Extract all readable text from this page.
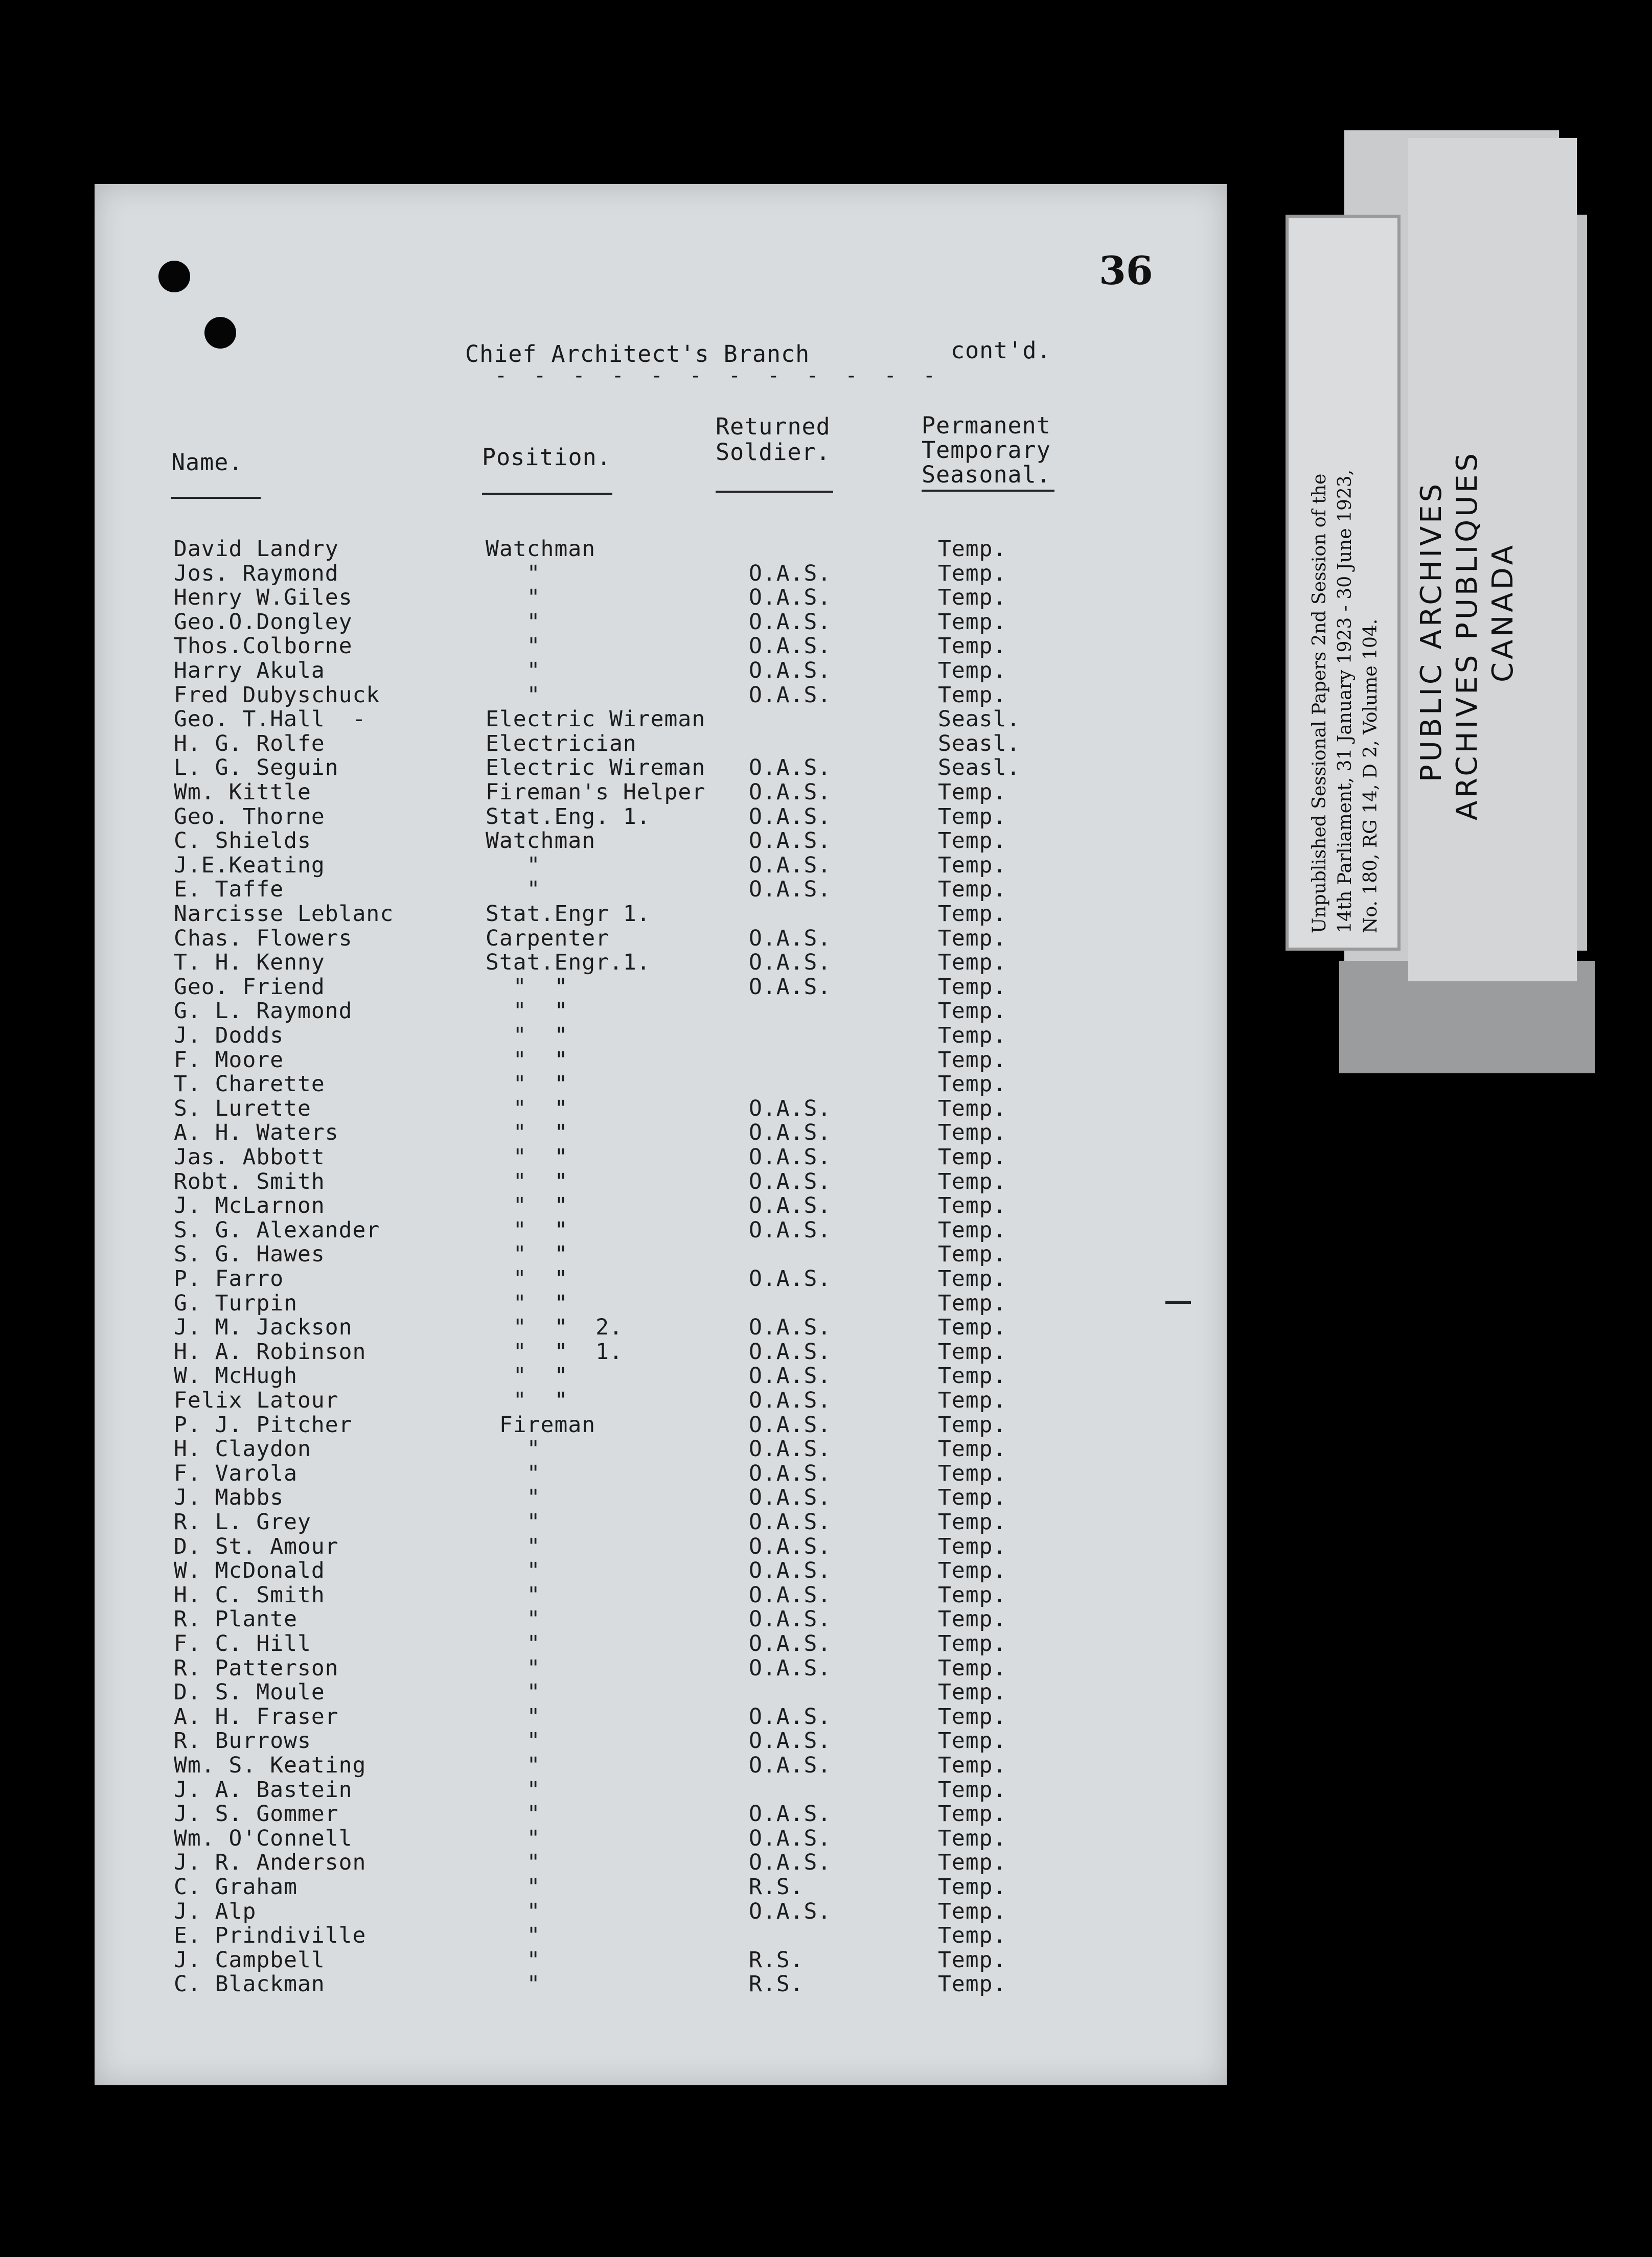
36
Chief Architect's Branch	cont'd.
- - - - - - - - - - - -
Name.	Position.
Returned
Soldier.
Permanent
Temporary
Seasonal.
David Landry	Watchman	Temp.
Jos. Raymond	"	O.A.S.	Temp.
Henry W.Giles	"	O.A.S.	Temp.
Geo.O.Dongley	"	O.A.S.	Temp.
Thos.Colborne	"	O.A.S.	Temp.
Harry Akula	"	O.A.S.	Temp.
Fred Dubyschuck	"	O.A.S.	Temp.
Geo. T.Hall  -	Electric Wireman	Seasl.
H. G. Rolfe	Electrician	Seasl.
L. G. Seguin	Electric Wireman O.A.S.	Seasl.
Wm. Kittle	Fireman's Helper O.A.S.	Temp.
Geo. Thorne	Stat.Eng. 1.	O.A.S.	Temp.
C. Shields	Watchman	O.A.S.	Temp.
J.E.Keating	"	O.A.S.	Temp.
E. Taffe	"	O.A.S.	Temp.
Narcisse Leblanc	Stat.Engr 1.	Temp.
Chas. Flowers	Carpenter	O.A.S.	Temp.
T. H. Kenny	Stat.Engr.1.	O.A.S.	Temp.
Geo. Friend	"  "	O.A.S.	Temp.
G. L. Raymond	"  "	Temp.
J. Dodds	"  "	Temp.
F. Moore	"  "	Temp.
T. Charette	"  "	Temp.
S. Lurette	"  "	O.A.S.	Temp.
A. H. Waters	"  "	O.A.S.	Temp.
Jas. Abbott	"  "	O.A.S.	Temp.
Robt. Smith	"  "	O.A.S.	Temp.
J. McLarnon	"  "	O.A.S.	Temp.
S. G. Alexander	"  "	O.A.S.	Temp.
S. G. Hawes	"  "	Temp.
P. Farro	"  "	O.A.S.	Temp.
G. Turpin	"  "	Temp.
J. M. Jackson	"  "  2.	O.A.S.	Temp.
H. A. Robinson	"  "  1.	O.A.S.	Temp.
W. McHugh	"  "	O.A.S.	Temp.
Felix Latour	"  "	O.A.S.	Temp.
P. J. Pitcher	Fireman	O.A.S.	Temp.
H. Claydon	"	O.A.S.	Temp.
F. Varola	"	O.A.S.	Temp.
J. Mabbs	"	O.A.S.	Temp.
R. L. Grey	"	O.A.S.	Temp.
D. St. Amour	"	O.A.S.	Temp.
W. McDonald	"	O.A.S.	Temp.
H. C. Smith	"	O.A.S.	Temp.
R. Plante	"	O.A.S.	Temp.
F. C. Hill	"	O.A.S.	Temp.
R. Patterson	"	O.A.S.	Temp.
D. S. Moule	"	Temp.
A. H. Fraser	"	O.A.S.	Temp.
R. Burrows	"	O.A.S.	Temp.
Wm. S. Keating	"	O.A.S.	Temp.
J. A. Bastein	"	Temp.
J. S. Gommer	"	O.A.S.	Temp.
Wm. O'Connell	"	O.A.S.	Temp.
J. R. Anderson	"	O.A.S.	Temp.
C. Graham	"	R.S.	Temp.
J. Alp	"	O.A.S.	Temp.
E. Prindiville	"	Temp.
J. Campbell	"	R.S.	Temp.
C. Blackman	"	R.S.	Temp.
Unpublished Sessional Papers 2nd Session of the 14th Parliament, 31 January 1923 - 30 June 1923, No. 180, RG 14, D 2, Volume 104. PUBLIC ARCHIVES ARCHIVES PUBLIQUES CANADA
